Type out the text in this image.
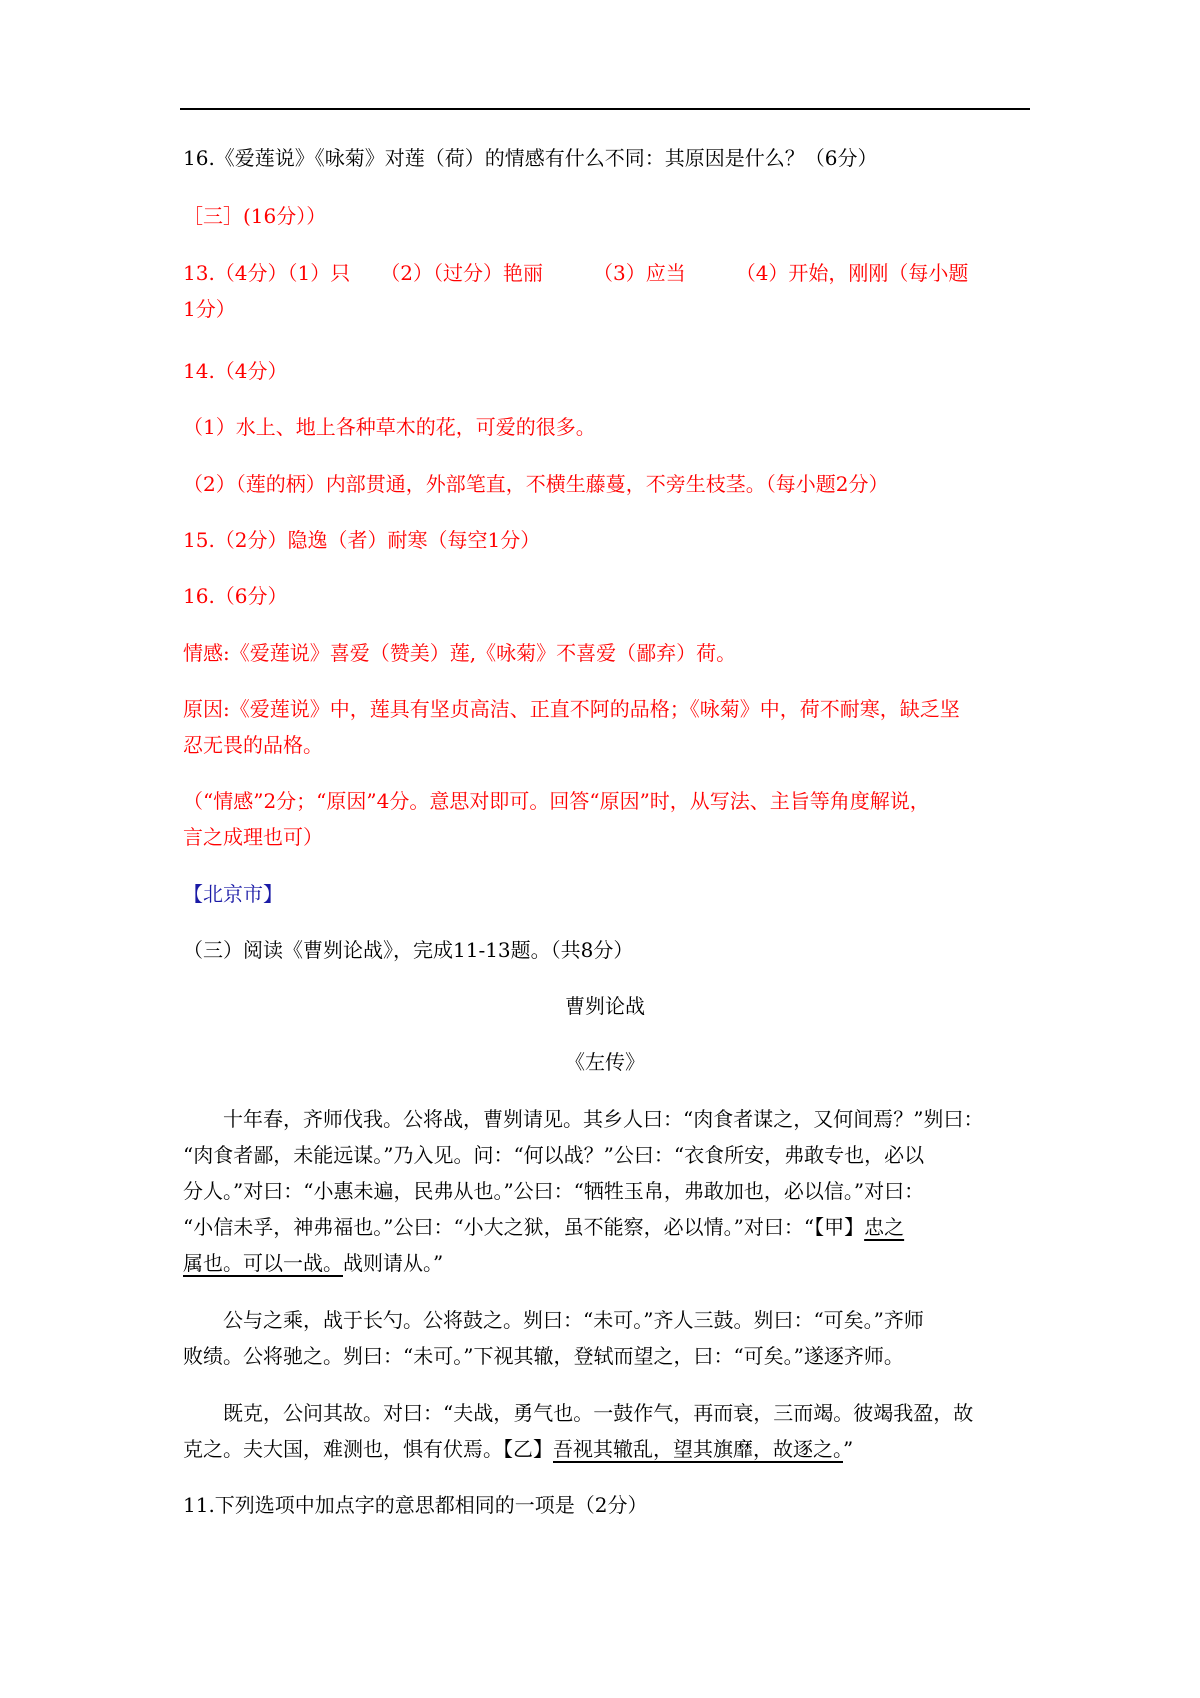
16.《爱莲说》《咏菊》对莲（荷）的情感有什么不同：其原因是什么？（6分）
［三］(16分））
13.（4分）（1）只　　（2）（过分）艳丽　　　（3）应当　　　（4）开始，刚刚（每小题
1分）
14.（4分）
（1）水上、地上各种草木的花，可爱的很多。
（2）（莲的柄）内部贯通，外部笔直，不横生藤蔓，不旁生枝茎。（每小题2分）
15.（2分）隐逸（者）耐寒（每空1分）
16.（6分）
情感:《爱莲说》喜爱（赞美）莲,《咏菊》不喜爱（鄙弃）荷。
原因:《爱莲说》中，莲具有坚贞高洁、正直不阿的品格；《咏菊》中，荷不耐寒，缺乏坚
忍无畏的品格。
（“情感”2分；“原因”4分。意思对即可。回答“原因”时，从写法、主旨等角度解说，
言之成理也可）
【北京市】
（三）阅读《曹刿论战》，完成11-13题。（共8分）
曹刿论战
《左传》
十年春，齐师伐我。公将战，曹刿请见。其乡人曰：“肉食者谋之，又何间焉？”刿曰：
“肉食者鄙，未能远谋。”乃入见。问：“何以战？”公曰：“衣食所安，弗敢专也，必以
分人。”对曰：“小惠未遍，民弗从也。”公曰：“牺牲玉帛，弗敢加也，必以信。”对曰：
“小信未孚，神弗福也。”公曰：“小大之狱，虽不能察，必以情。”对曰：“【甲】忠之
属也。可以一战。战则请从。”
公与之乘，战于长勺。公将鼓之。刿曰：“未可。”齐人三鼓。刿曰：“可矣。”齐师
败绩。公将驰之。刿曰：“未可。”下视其辙，登轼而望之，曰：“可矣。”遂逐齐师。
既克，公问其故。对曰：“夫战，勇气也。一鼓作气，再而衰，三而竭。彼竭我盈，故
克之。夫大国，难测也，惧有伏焉。【乙】吾视其辙乱，望其旗靡，故逐之。”
11.下列选项中加点字的意思都相同的一项是（2分）
